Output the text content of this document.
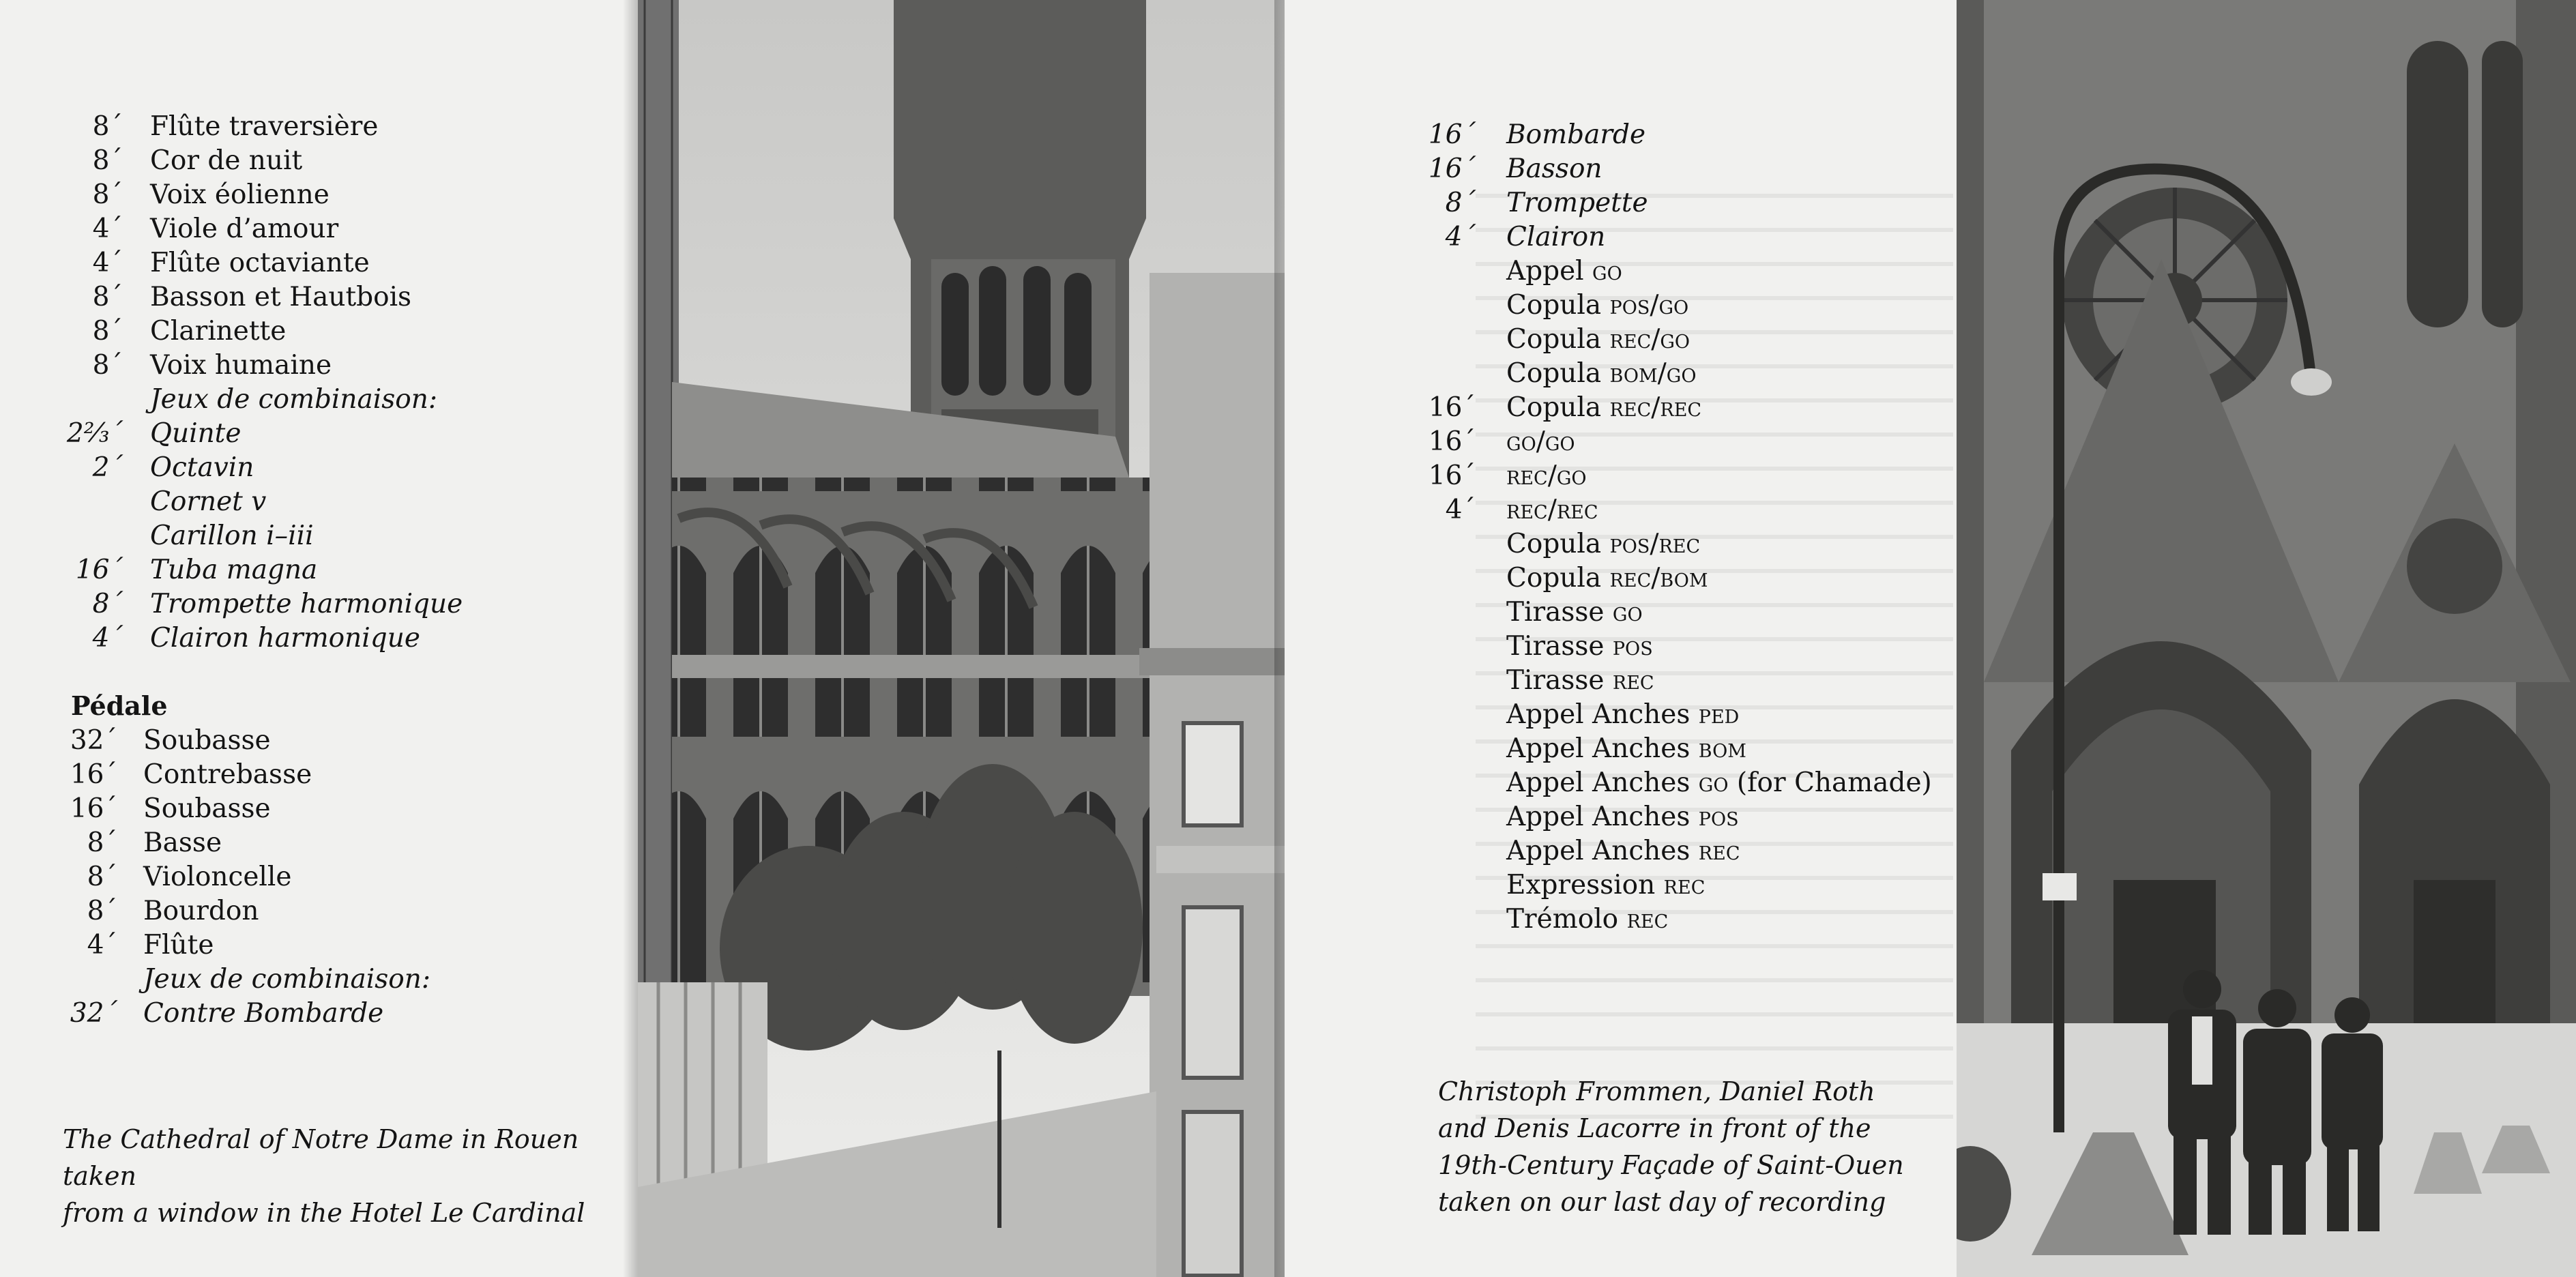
8´ Flûte traversière
8´ Cor de nuit
8´ Voix éolienne
4´ Viole d’amour
4´ Flûte octaviante
8´ Basson et Hautbois
8´ Clarinette
8´ Voix humaine
Jeux de combinaison:
2⅔´ Quinte
2´ Octavin
Cornet v
Carillon i–iii
16´ Tuba magna
8´ Trompette harmonique
4´ Clairon harmonique
Pédale
32´ Soubasse
16´ Contrebasse
16´ Soubasse
8´ Basse
8´ Violoncelle
8´ Bourdon
4´ Flûte
Jeux de combinaison:
32´ Contre Bombarde
The Cathedral of Notre Dame in Rouen taken
from a window in the Hotel Le Cardinal
16´ Bombarde
16´ Basson
8´ Trompette
4´ Clairon
Appel go
Copula pos/go
Copula rec/go
Copula bom/go
16´ Copula rec/rec
16´ go/go
16´ rec/go
4´ rec/rec
Copula pos/rec
Copula rec/bom
Tirasse go
Tirasse pos
Tirasse rec
Appel Anches ped
Appel Anches bom
Appel Anches go (for Chamade)
Appel Anches pos
Appel Anches rec
Expression rec
Trémolo rec
Christoph Frommen, Daniel Roth
and Denis Lacorre in front of the
19th-Century Façade of Saint-Ouen
taken on our last day of recording
